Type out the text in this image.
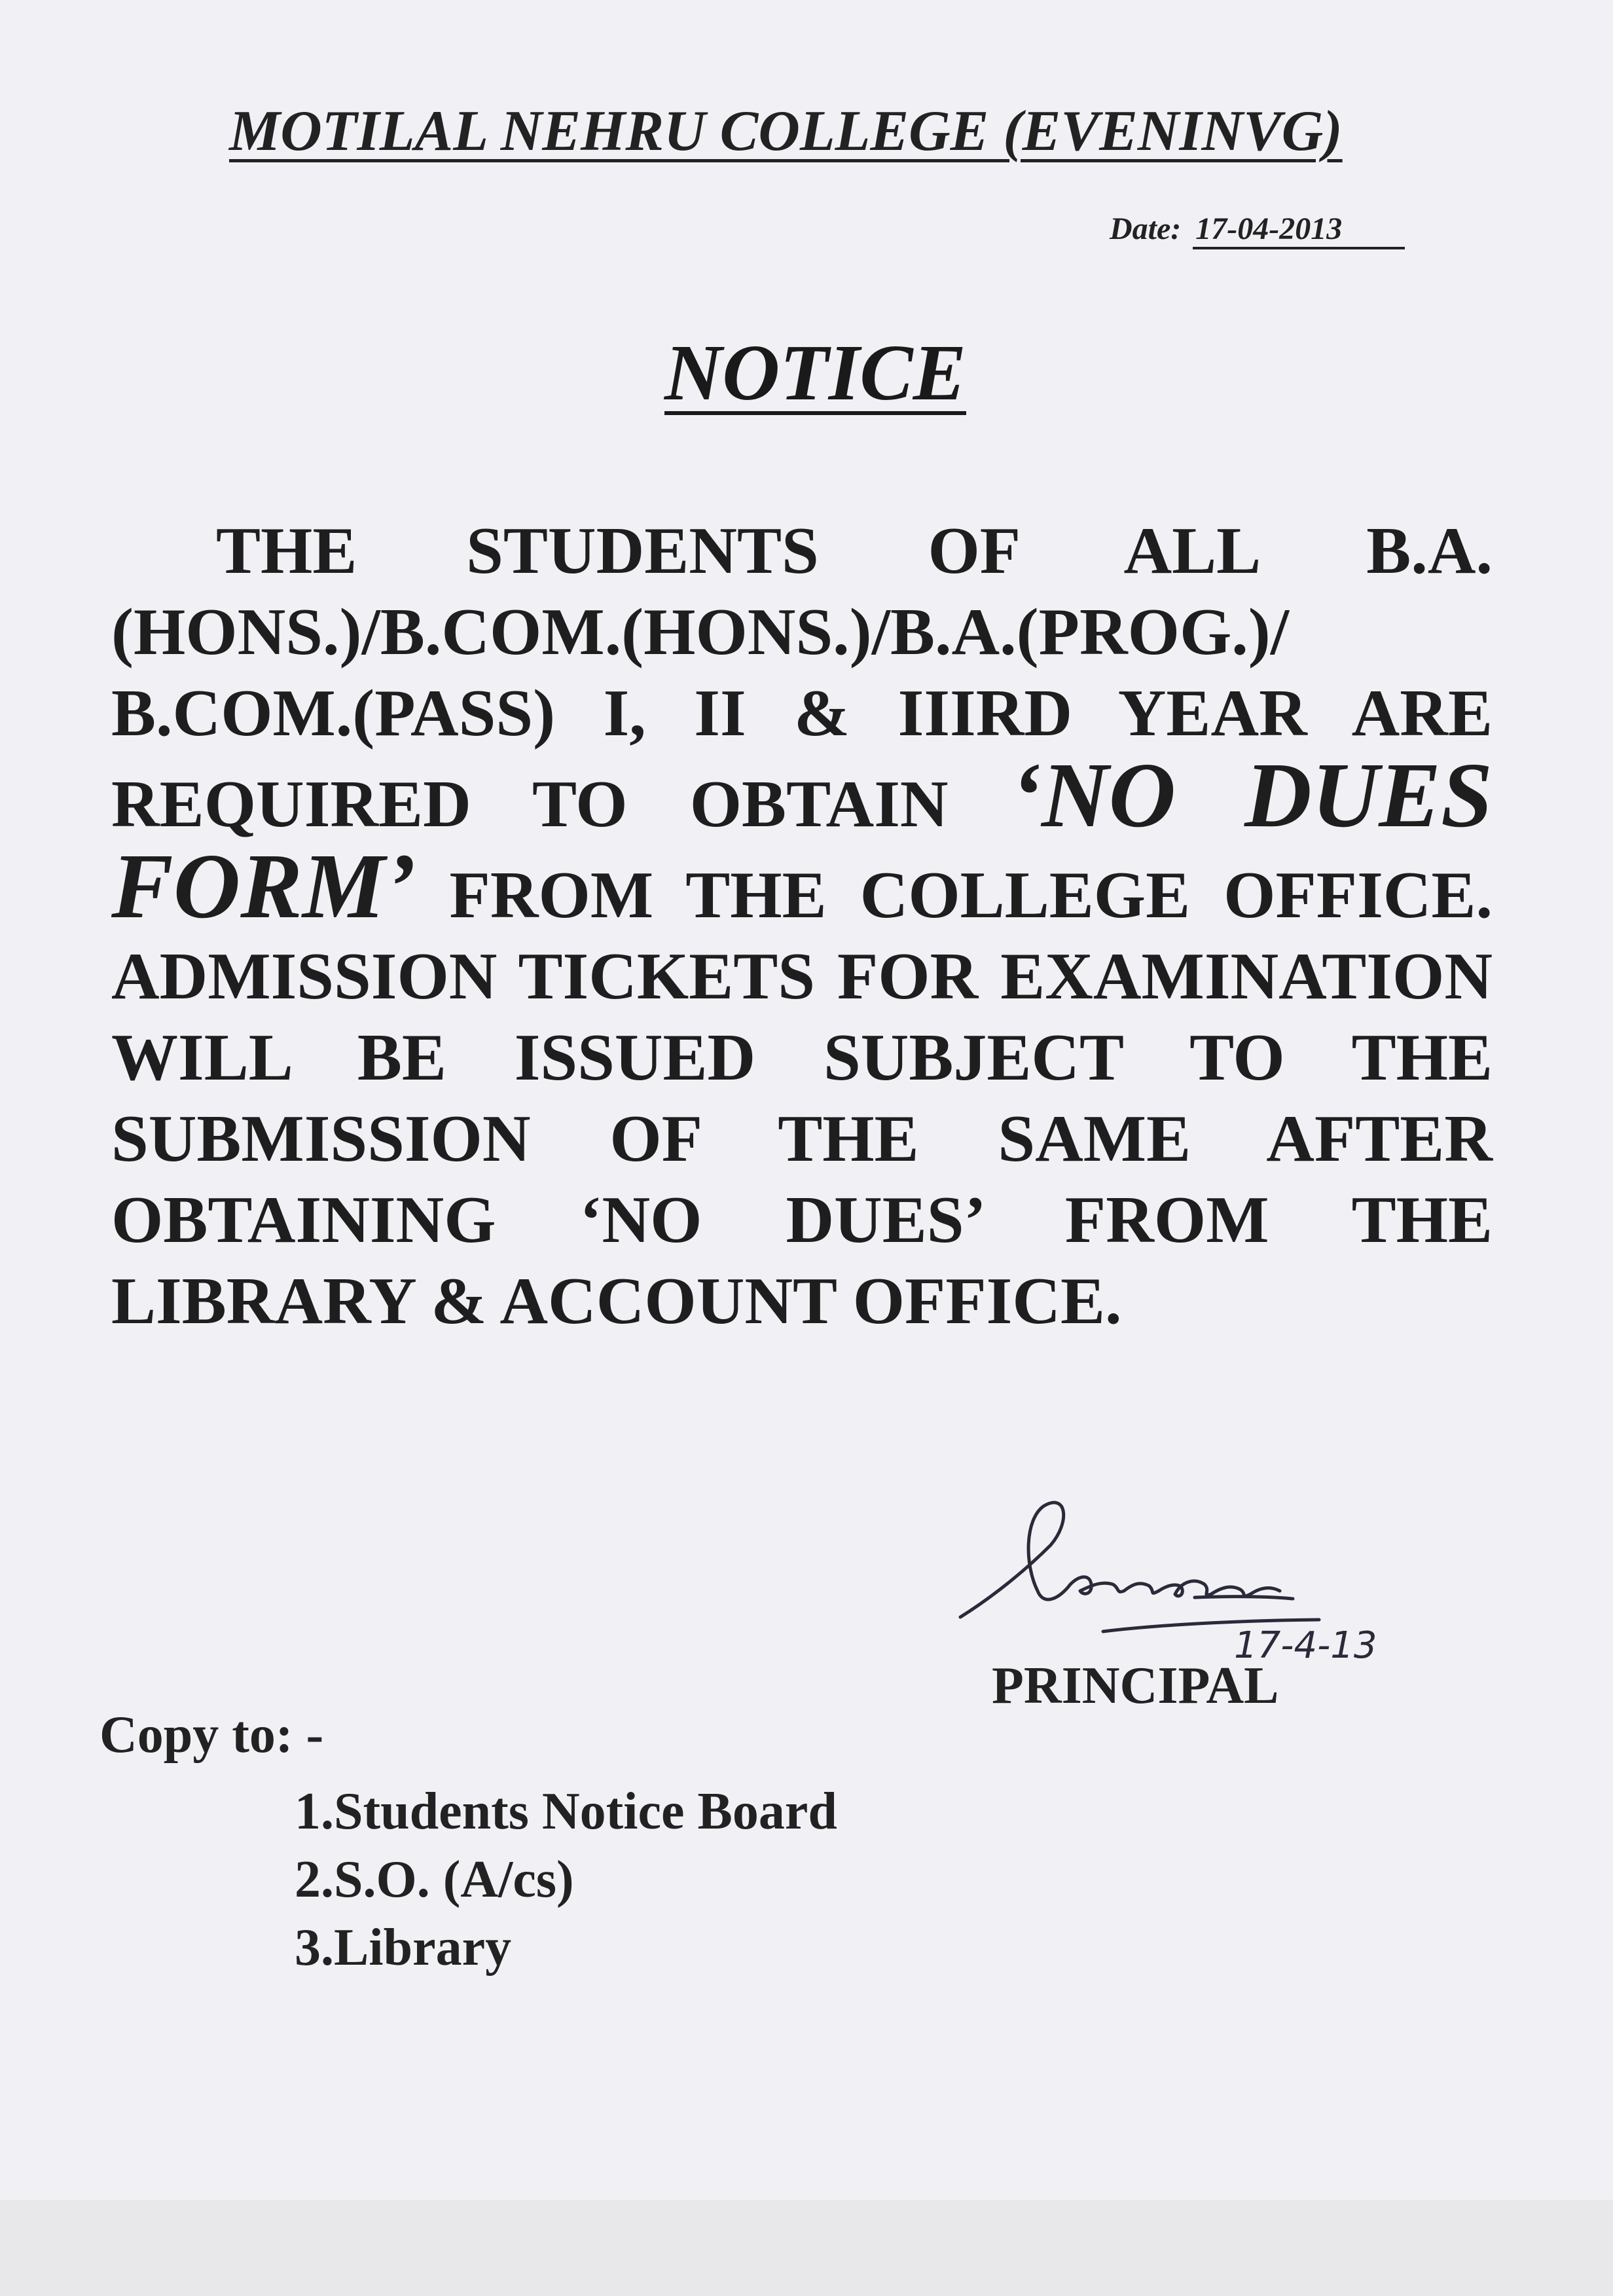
MOTILAL NEHRU COLLEGE (EVENINVG)
Date: 17-04-2013
NOTICE

THE STUDENTS OF ALL B.A. (HONS.)/B.COM.(HONS.)/B.A.(PROG.)/ B.COM.(PASS) I, II & IIIRD YEAR ARE REQUIRED TO OBTAIN ‘NO DUES FORM’ FROM THE COLLEGE OFFICE. ADMISSION TICKETS FOR EXAMINATION WILL BE ISSUED SUBJECT TO THE SUBMISSION OF THE SAME AFTER OBTAINING ‘NO DUES’ FROM THE LIBRARY & ACCOUNT OFFICE.

17-4-13
PRINCIPAL
Copy to: -
1.Students Notice Board
2.S.O. (A/cs)
3.Library
